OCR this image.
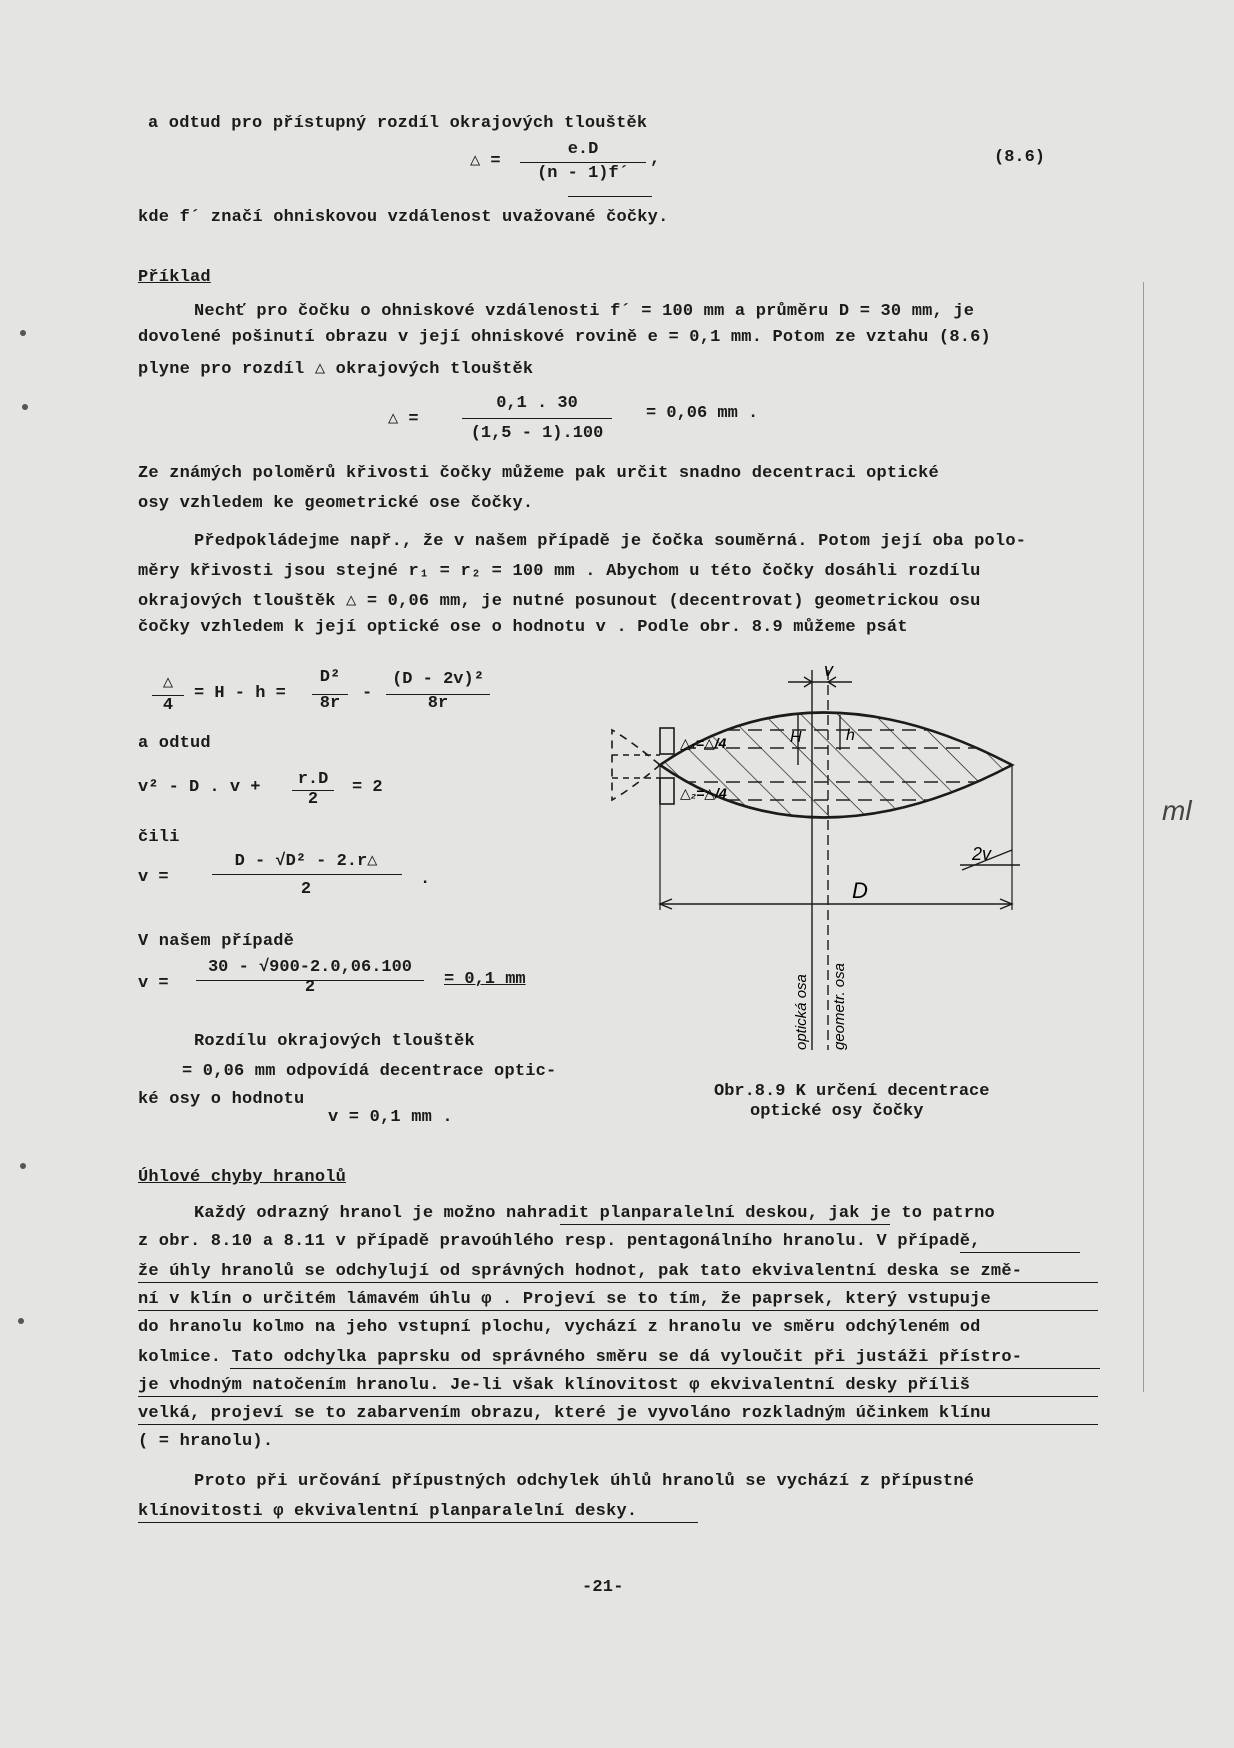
a odtud pro přístupný rozdíl okrajových tlouštěk
△ =
e.D
(n - 1)f´
,	(8.6)
kde f´ značí ohniskovou vzdálenost uvažované čočky.
Příklad
Nechť pro čočku o ohniskové vzdálenosti f´ = 100 mm a průměru D = 30 mm, je
dovolené pošinutí obrazu v její ohniskové rovině e = 0,1 mm. Potom ze vztahu (8.6)
plyne pro rozdíl △ okrajových tlouštěk
△ =
0,1 . 30
(1,5 - 1).100
= 0,06 mm .
Ze známých poloměrů křivosti čočky můžeme pak určit snadno decentraci optické
osy vzhledem ke geometrické ose čočky.
Předpokládejme např., že v našem případě je čočka souměrná. Potom její oba polo-
měry křivosti jsou stejné r₁ = r₂ = 100 mm . Abychom u této čočky dosáhli rozdílu
okrajových tlouštěk △ = 0,06 mm, je nutné posunout (decentrovat) geometrickou osu
čočky vzhledem k její optické ose o hodnotu v . Podle obr. 8.9 můžeme psát
△
4
= H - h =
D²
8r
-
(D - 2v)²
8r
a odtud
v² - D . v +	r.D
2
= 2
čili
v =
D - √D² - 2.r△
2
.
V našem případě
v =
30 - √900-2.0,06.100
2	= 0,1 mm
Rozdílu okrajových tlouštěk
= 0,06 mm odpovídá decentrace optic-
ké osy o hodnotu
v = 0,1 mm .
v
H	h
△₁=△/4
△₂=△/4
2v
D
optická osa geometr. osa
Obr.8.9 K určení decentrace
optické osy čočky
Úhlové chyby hranolů
Každý odrazný hranol je možno nahradit planparalelní deskou, jak je to patrno
z obr. 8.10 a 8.11 v případě pravoúhlého resp. pentagonálního hranolu. V případě,
že úhly hranolů se odchylují od správných hodnot, pak tato ekvivalentní deska se změ-
ní v klín o určitém lámavém úhlu φ . Projeví se to tím, že paprsek, který vstupuje
do hranolu kolmo na jeho vstupní plochu, vychází z hranolu ve směru odchýleném od
kolmice. Tato odchylka paprsku od správného směru se dá vyloučit při justáži přístro-
je vhodným natočením hranolu. Je-li však klínovitost φ ekvivalentní desky příliš
velká, projeví se to zabarvením obrazu, které je vyvoláno rozkladným účinkem klínu
( = hranolu).
Proto při určování přípustných odchylek úhlů hranolů se vychází z přípustné
klínovitosti φ ekvivalentní planparalelní desky.
-21-
ml
